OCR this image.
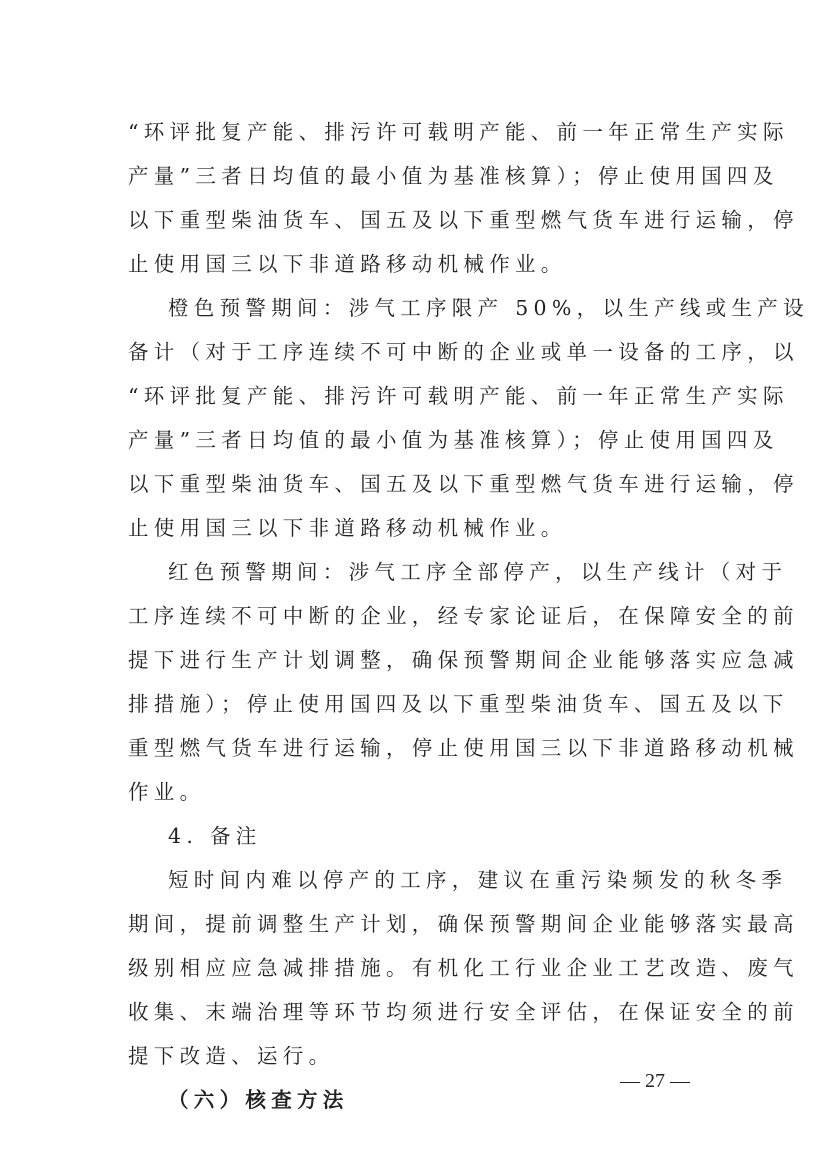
“环评批复产能、排污许可载明产能、前一年正常生产实际
产量”三者日均值的最小值为基准核算）；停止使用国四及
以下重型柴油货车、国五及以下重型燃气货车进行运输，停
止使用国三以下非道路移动机械作业。
橙色预警期间：涉气工序限产 50%，以生产线或生产设
备计（对于工序连续不可中断的企业或单一设备的工序，以
“环评批复产能、排污许可载明产能、前一年正常生产实际
产量”三者日均值的最小值为基准核算）；停止使用国四及
以下重型柴油货车、国五及以下重型燃气货车进行运输，停
止使用国三以下非道路移动机械作业。
红色预警期间：涉气工序全部停产，以生产线计（对于
工序连续不可中断的企业，经专家论证后，在保障安全的前
提下进行生产计划调整，确保预警期间企业能够落实应急减
排措施）；停止使用国四及以下重型柴油货车、国五及以下
重型燃气货车进行运输，停止使用国三以下非道路移动机械
作业。
4. 备注
短时间内难以停产的工序，建议在重污染频发的秋冬季
期间，提前调整生产计划，确保预警期间企业能够落实最高
级别相应应急减排措施。有机化工行业企业工艺改造、废气
收集、末端治理等环节均须进行安全评估，在保证安全的前
提下改造、运行。
（六）核查方法
— 27 —
